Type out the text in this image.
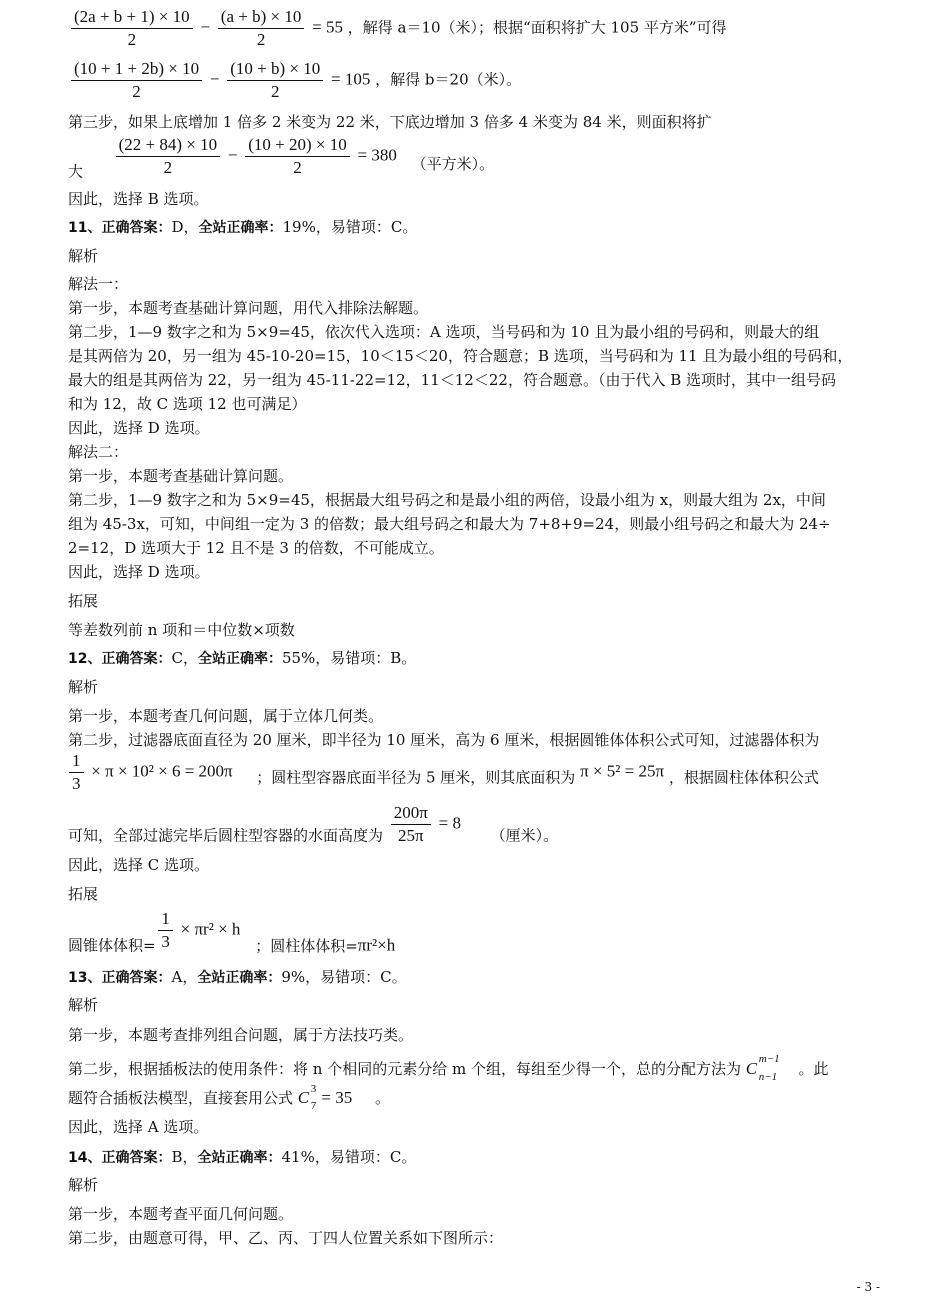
$\frac{(2a + b + 1) \times 10}{2} - \frac{(a + b) \times 10}{2} = 55$ ，解得 a＝10（米）；根据“面积将扩大 105 平方米”可得
$\frac{(10 + 1 + 2b) \times 10}{2} - \frac{(10 + b) \times 10}{2} = 105$ ，解得 b＝20（米）。
第三步，如果上底增加 1 倍多 2 米变为 22 米，下底边增加 3 倍多 4 米变为 84 米，则面积将扩
大 $\frac{(22 + 84) \times 10}{2} - \frac{(10 + 20) \times 10}{2} = 380$ （平方米）。
因此，选择 B 选项。
11、正确答案：D，全站正确率：19%，易错项：C。
解析
解法一：
第一步，本题考查基础计算问题，用代入排除法解题。
第二步，1—9 数字之和为 5×9=45，依次代入选项：A 选项，当号码和为 10 且为最小组的号码和，则最大的组
是其两倍为 20，另一组为 45-10-20=15，10＜15＜20，符合题意；B 选项，当号码和为 11 且为最小组的号码和，
最大的组是其两倍为 22，另一组为 45-11-22=12，11＜12＜22，符合题意。（由于代入 B 选项时，其中一组号码
和为 12，故 C 选项 12 也可满足）
因此，选择 D 选项。
解法二：
第一步，本题考查基础计算问题。
第二步，1—9 数字之和为 5×9=45，根据最大组号码之和是最小组的两倍，设最小组为 x，则最大组为 2x，中间
组为 45-3x，可知，中间组一定为 3 的倍数；最大组号码之和最大为 7+8+9=24，则最小组号码之和最大为 24÷
2=12，D 选项大于 12 且不是 3 的倍数，不可能成立。
因此，选择 D 选项。
拓展
等差数列前 n 项和＝中位数×项数
12、正确答案：C，全站正确率：55%，易错项：B。
解析
第一步，本题考查几何问题，属于立体几何类。
第二步，过滤器底面直径为 20 厘米，即半径为 10 厘米，高为 6 厘米，根据圆锥体体积公式可知，过滤器体积为
$\frac{1}{3} \times \pi \times 10^2 \times 6 = 200\pi$ ；圆柱型容器底面半径为 5 厘米，则其底面积为 π × 5² = 25π ，根据圆柱体体积公式
可知，全部过滤完毕后圆柱型容器的水面高度为 $\frac{200\pi}{25\pi} = 8$  （厘米）。
因此，选择 C 选项。
拓展
圆锥体体积= $\frac{1}{3} \times \pi r^2 \times h$ ；圆柱体体积=πr²×h
13、正确答案：A，全站正确率：9%，易错项：C。
解析
第一步，本题考查排列组合问题，属于方法技巧类。
第二步，根据插板法的使用条件：将 n 个相同的元素分给 m 个组，每组至少得一个，总的分配方法为 C m−1
n−1 。此
题符合插板法模型，直接套用公式 C 3
7 = 35 。
因此，选择 A 选项。
14、正确答案：B，全站正确率：41%，易错项：C。
解析
第一步，本题考查平面几何问题。
第二步，由题意可得，甲、乙、丙、丁四人位置关系如下图所示：
- 3 -
